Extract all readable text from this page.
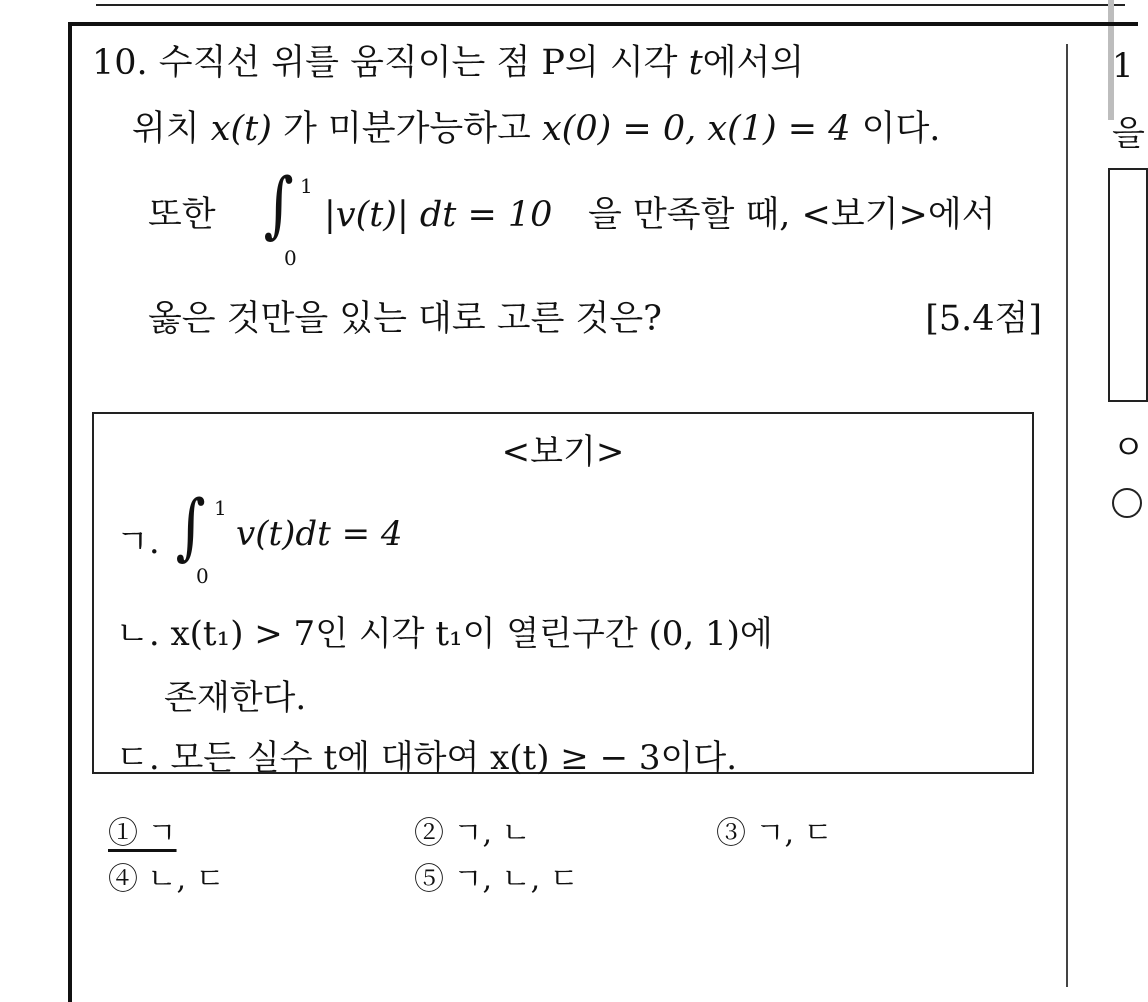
10. 수직선 위를 움직이는 점 P의 시각 𝑡에서의
위치 x(t) 가 미분가능하고 x(0) = 0, x(1) = 4 이다.
또한 ∫ 1
0
|v(t)| dt = 10 을 만족할 때, <보기>에서
옳은 것만을 있는 대로 고른 것은?	[5.4점]
<보기>
ㄱ. ∫ 1
0
v(t)dt = 4
ㄴ. x(t₁) > 7인 시각 t₁이 열린구간 (0, 1)에
존재한다.
ㄷ. 모든 실수 t에 대하여 x(t) ≥ − 3이다.
① ㄱ	② ㄱ, ㄴ	③ ㄱ, ㄷ
④ ㄴ, ㄷ	⑤ ㄱ, ㄴ, ㄷ
1
을
ㅇ
